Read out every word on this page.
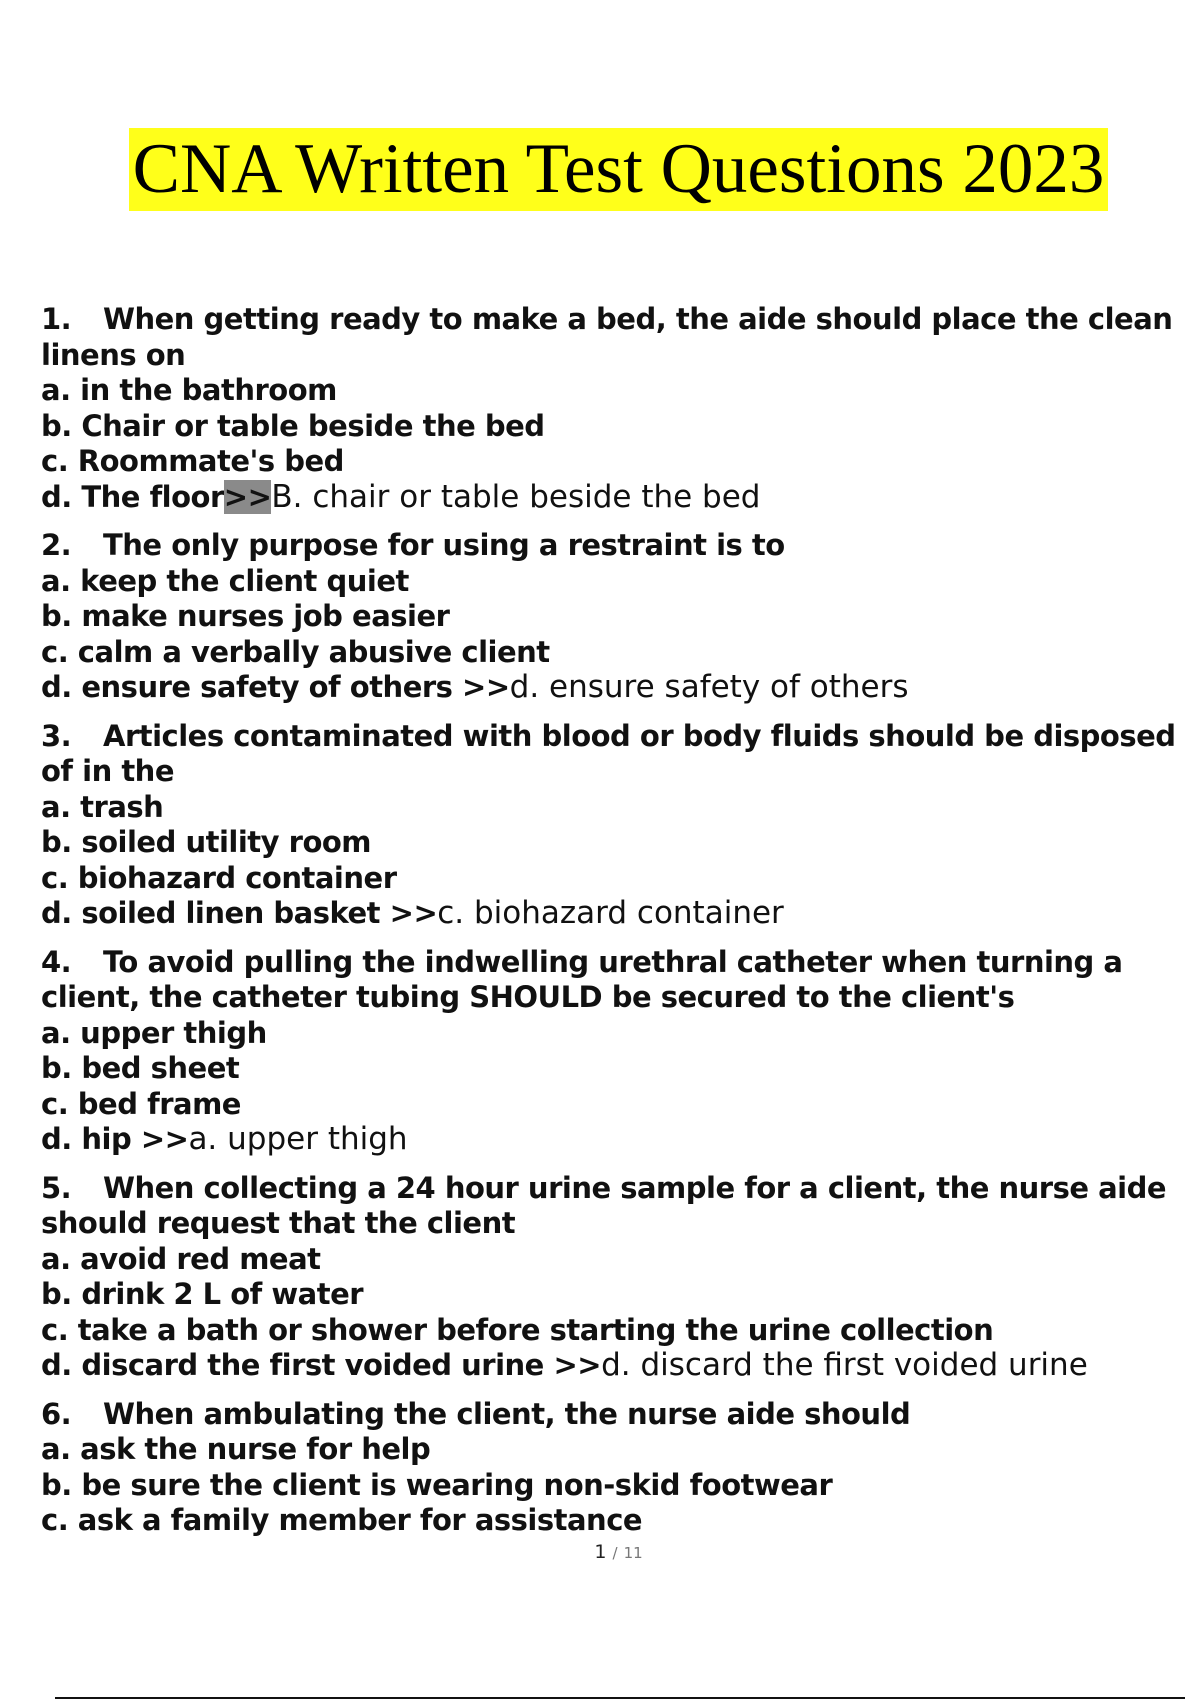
CNA Written Test Questions 2023
1. When getting ready to make a bed, the aide should place the clean linens on
a. in the bathroom
b. Chair or table beside the bed
c. Roommate's bed
d. The floor>>B. chair or table beside the bed
2. The only purpose for using a restraint is to
a. keep the client quiet
b. make nurses job easier
c. calm a verbally abusive client
d. ensure safety of others >>d. ensure safety of others
3. Articles contaminated with blood or body fluids should be disposed of in the
a. trash
b. soiled utility room
c. biohazard container
d. soiled linen basket >>c. biohazard container
4. To avoid pulling the indwelling urethral catheter when turning a client, the catheter tubing SHOULD be secured to the client's
a. upper thigh
b. bed sheet
c. bed frame
d. hip >>a. upper thigh
5. When collecting a 24 hour urine sample for a client, the nurse aide should request that the client
a. avoid red meat
b. drink 2 L of water
c. take a bath or shower before starting the urine collection
d. discard the first voided urine >>d. discard the first voided urine
6. When ambulating the client, the nurse aide should
a. ask the nurse for help
b. be sure the client is wearing non-skid footwear
c. ask a family member for assistance
1 / 11
